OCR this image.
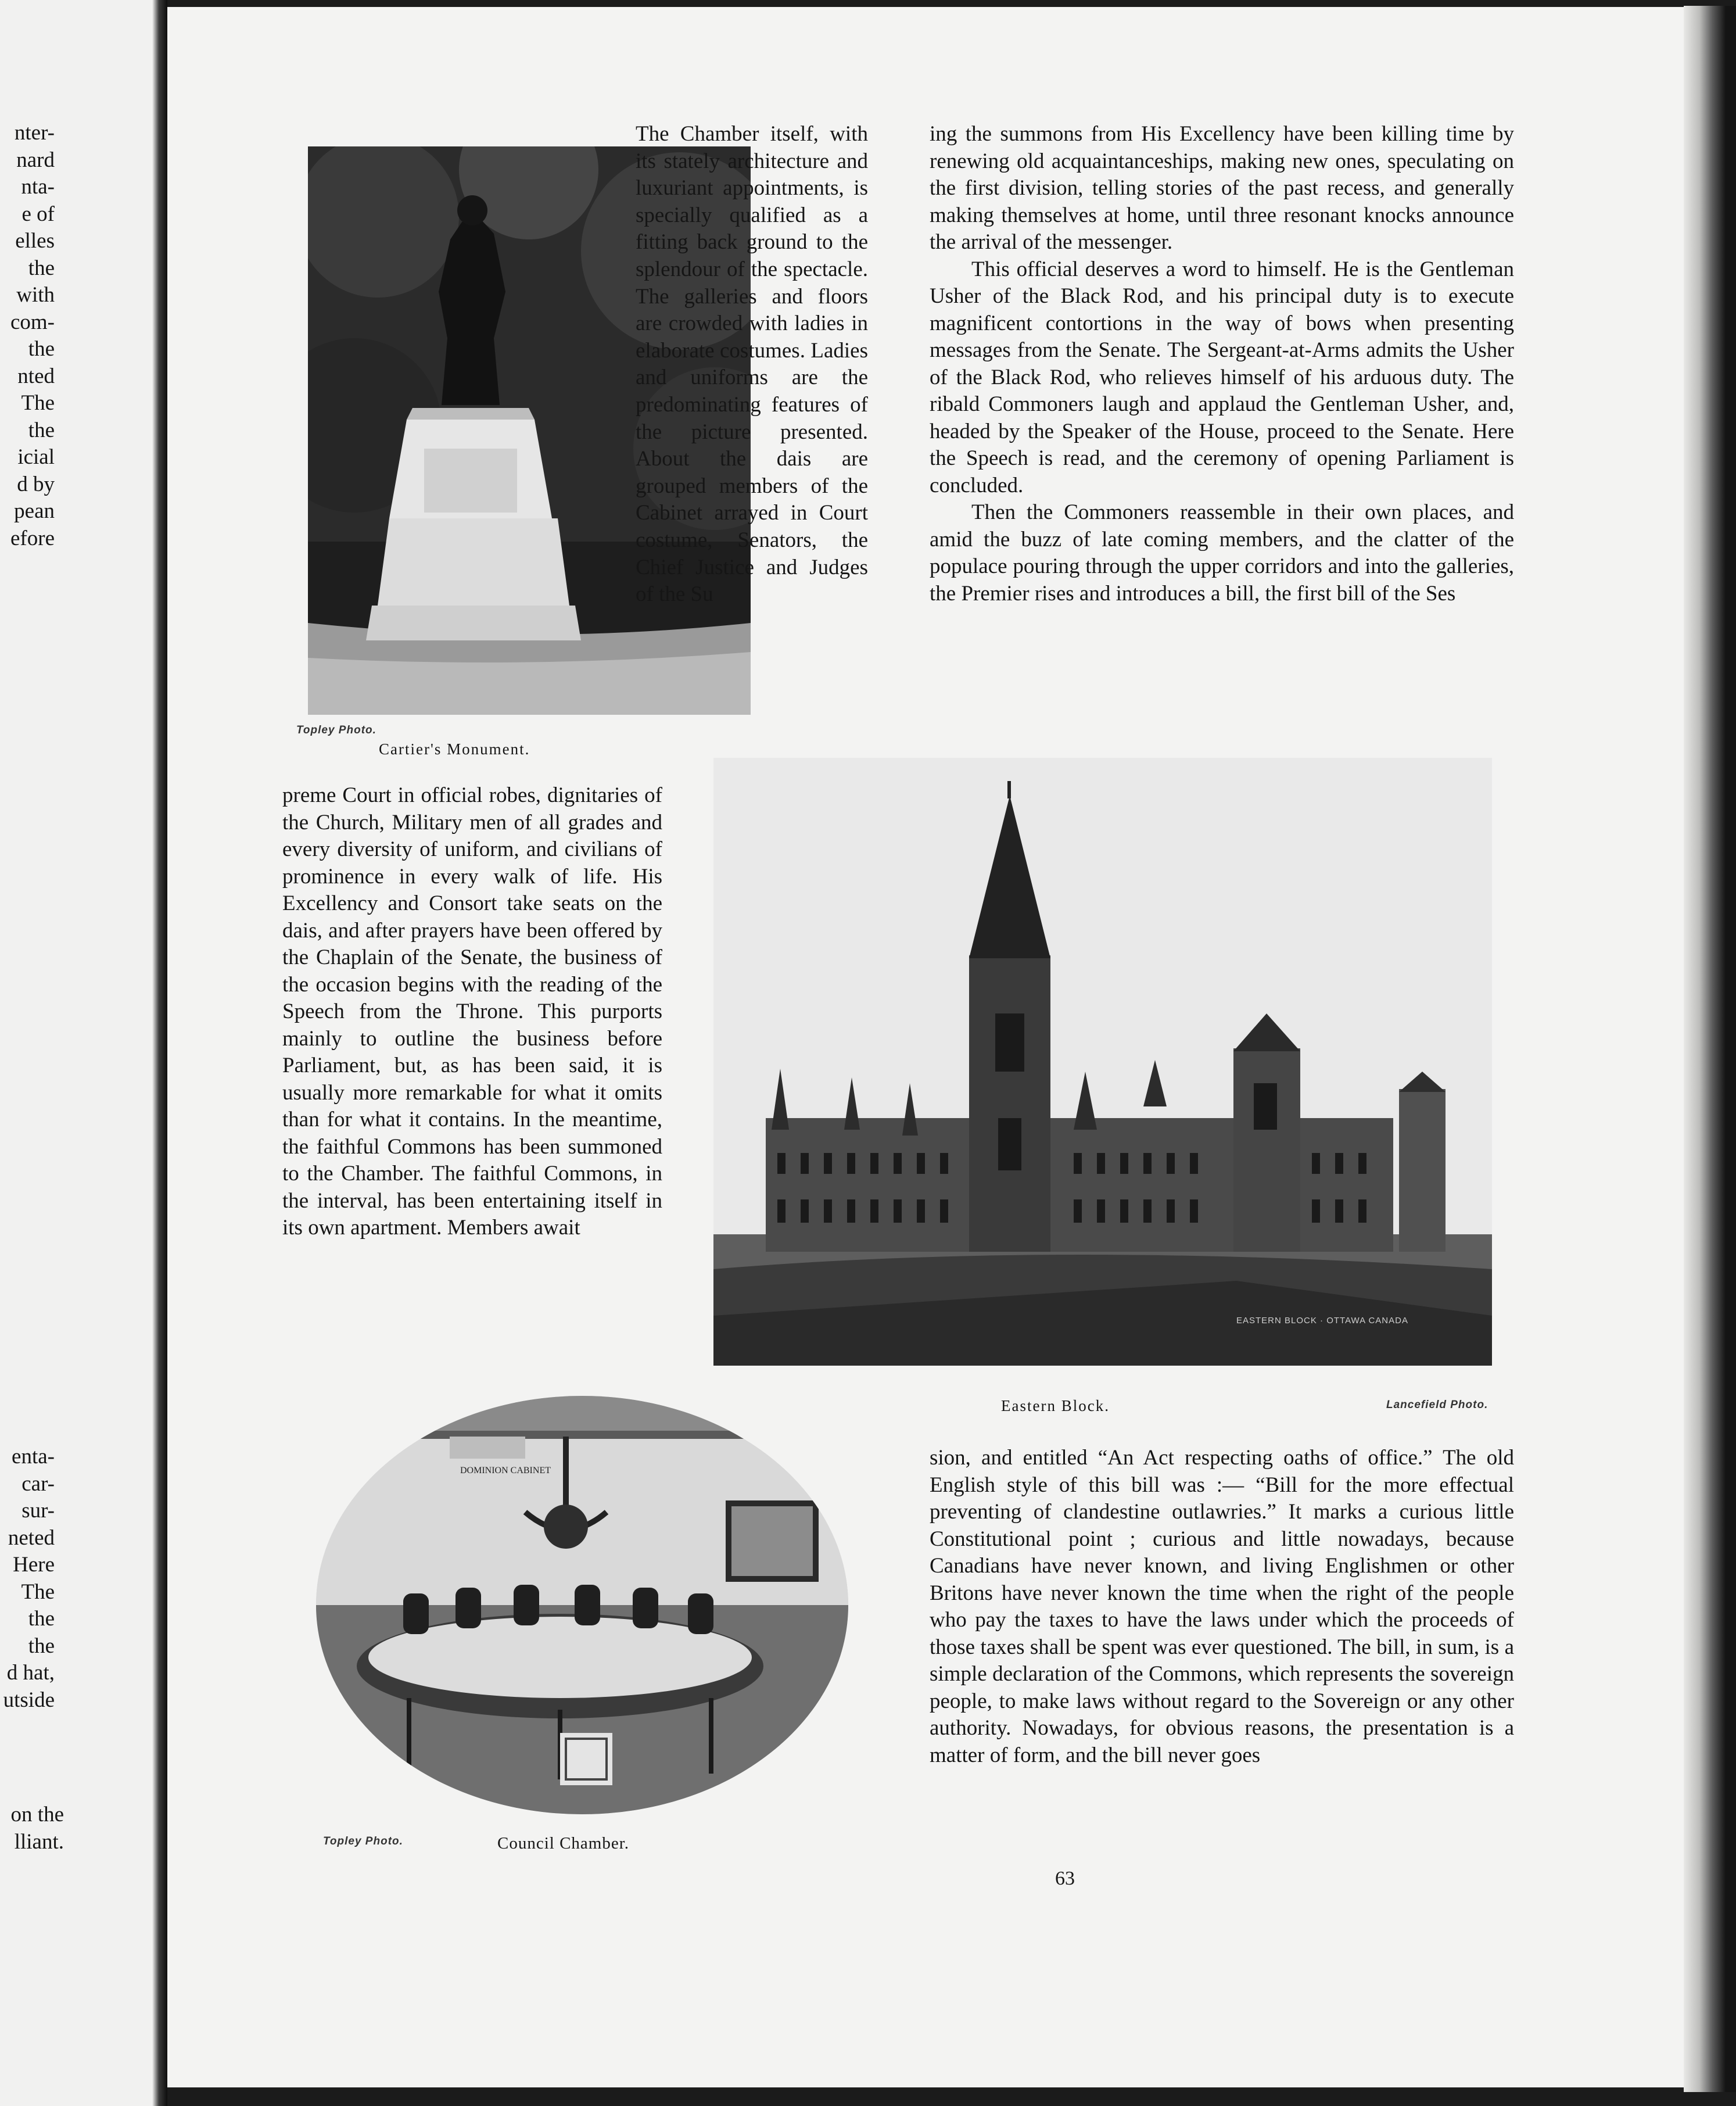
nter-
nard
nta-
e of
elles
the
with
com-
the
nted
The
the
icial
d by
pean
efore
enta-
car-
sur-
neted
Here
The
the
the
d hat,
utside
on the
lliant.
Topley Photo.
Cartier's Monument.

The Chamber itself, with its stately architecture and luxuriant appointments, is specially qualified as a fitting back ground to the splendour of the spectacle. The galleries and floors are crowded with ladies in elaborate costumes. Ladies and uniforms are the predominating features of the picture presented. About the dais are grouped members of the Cabinet arrayed in Court costume, Senators, the Chief Justice and Judges of the Su

ing the summons from His Excellency have been killing time by renewing old acquaintanceships, making new ones, speculating on the first division, telling stories of the past recess, and generally making themselves at home, until three resonant knocks announce the arrival of the messenger.

This official deserves a word to himself. He is the Gentleman Usher of the Black Rod, and his principal duty is to execute magnificent contortions in the way of bows when presenting messages from the Senate. The Sergeant-at-Arms admits the Usher of the Black Rod, who relieves himself of his arduous duty. The ribald Commoners laugh and applaud the Gentleman Usher, and, headed by the Speaker of the House, proceed to the Senate. Here the Speech is read, and the ceremony of opening Parliament is concluded.

Then the Commoners reassemble in their own places, and amid the buzz of late coming members, and the clatter of the populace pouring through the upper corridors and into the galleries, the Premier rises and introduces a bill, the first bill of the Ses

preme Court in official robes, dignitaries of the Church, Military men of all grades and every diversity of uniform, and civilians of prominence in every walk of life. His Excellency and Consort take seats on the dais, and after prayers have been offered by the Chaplain of the Senate, the business of the occasion begins with the reading of the Speech from the Throne. This purports mainly to outline the business before Parliament, but, as has been said, it is usually more remarkable for what it omits than for what it contains. In the meantime, the faithful Commons has been summoned to the Chamber. The faithful Commons, in the interval, has been entertaining itself in its own apartment. Members await

EASTERN BLOCK · OTTAWA CANADA
Eastern Block.	Lancefield Photo.
DOMINION CABINET
Topley Photo.	Council Chamber.

sion, and entitled “An Act respecting oaths of office.” The old English style of this bill was :— “Bill for the more effectual preventing of clandestine outlawries.” It marks a curious little Constitutional point ; curious and little nowadays, because Canadians have never known, and living Englishmen or other Britons have never known the time when the right of the people who pay the taxes to have the laws under which the proceeds of those taxes shall be spent was ever questioned. The bill, in sum, is a simple declaration of the Commons, which represents the sovereign people, to make laws without regard to the Sovereign or any other authority. Nowadays, for obvious reasons, the presentation is a matter of form, and the bill never goes

63
